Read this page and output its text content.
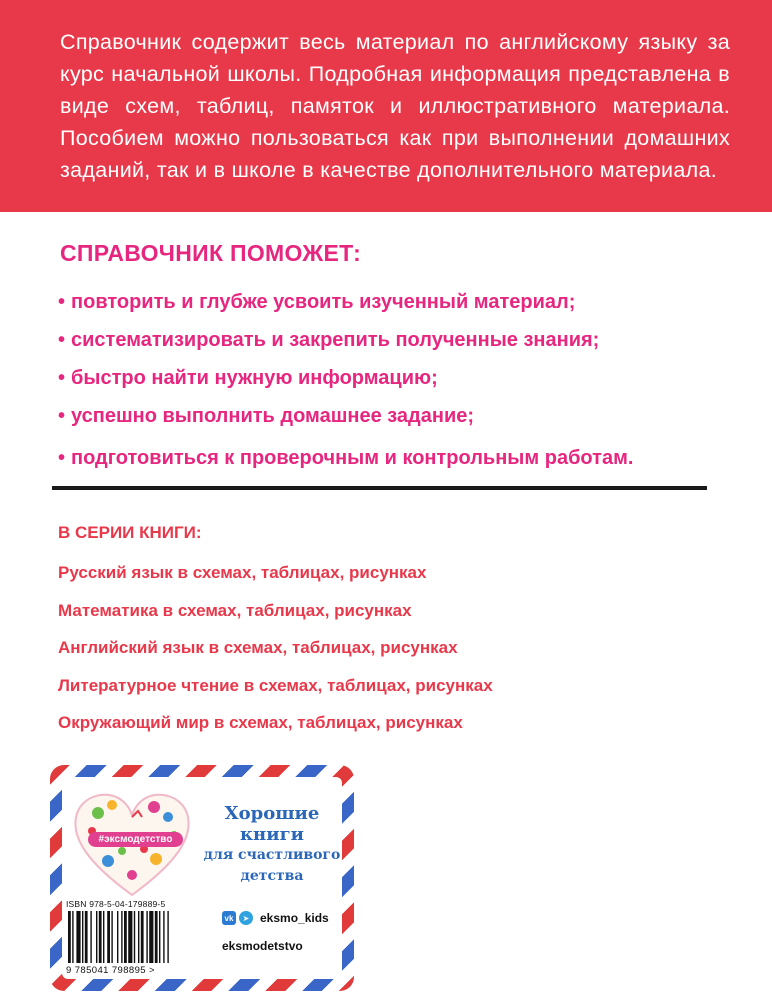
Справочник содержит весь материал по английскому языку за курс начальной школы. Подробная информация представлена в виде схем, таблиц, памяток и иллюстративного материала. Пособием можно пользоваться как при выполнении домашних заданий, так и в школе в качестве дополнительного материала.
СПРАВОЧНИК ПОМОЖЕТ:
• повторить и глубже усвоить изученный материал;
• систематизировать и закрепить полученные знания;
• быстро найти нужную информацию;
• успешно выполнить домашнее задание;
• подготовиться к проверочным и контрольным работам.
В СЕРИИ КНИГИ:
Русский язык в схемах, таблицах, рисунках
Математика в схемах, таблицах, рисунках
Английский язык в схемах, таблицах, рисунках
Литературное чтение в схемах, таблицах, рисунках
Окружающий мир в схемах, таблицах, рисунках
#эксмодетство
Хорошие
книги
для счастливого
детства
ISBN 978-5-04-179889-5
9 785041 798895 >
vk	➤ eksmo_kids
eksmodetstvo
